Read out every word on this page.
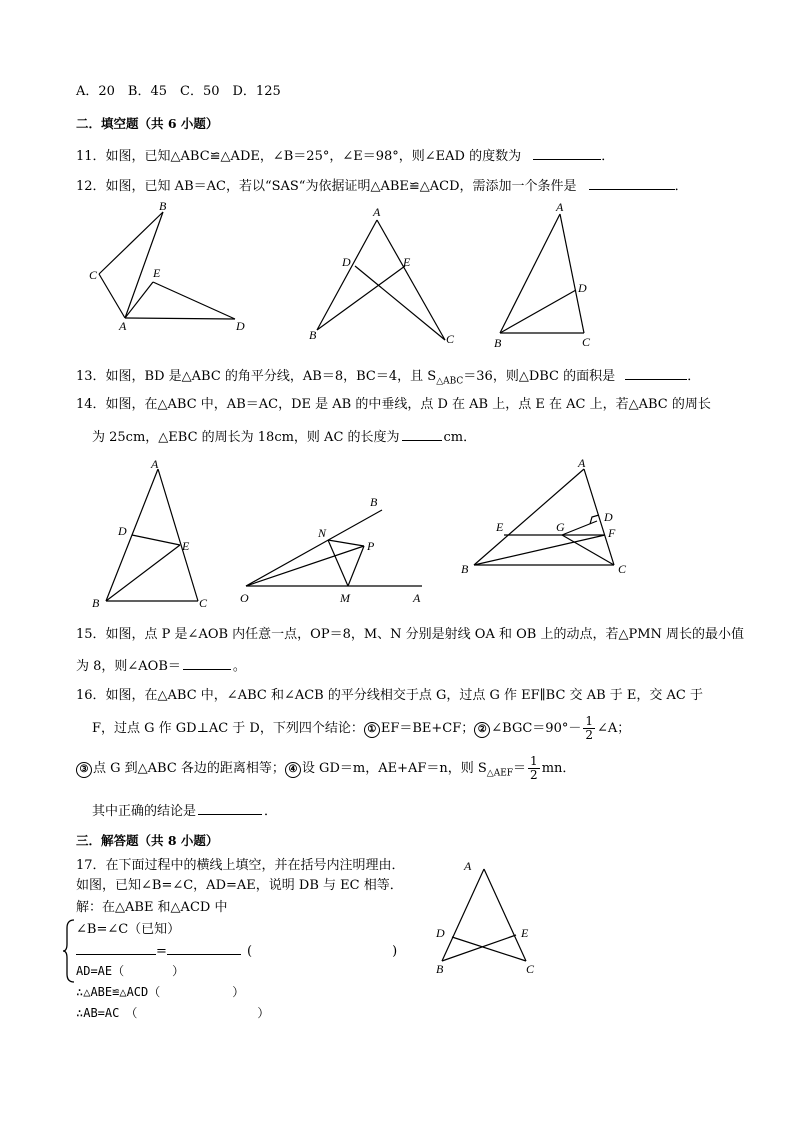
A．20　B．45　C．50　D．125
二．填空题（共 6 小题）
11．如图，已知△ABC≌△ADE，∠B＝25°，∠E＝98°，则∠EAD 的度数为	．
12．如图，已知 AB＝AC，若以“SAS“为依据证明△ABE≌△ACD，需添加一个条件是	．
B
C	E
A	D
A
D	E
B	C
A
D
B	C
13．如图，BD 是△ABC 的角平分线，AB＝8，BC＝4，且 $S_{\triangle ABC}=36$，则△DBC 的面积是	．
14．如图，在△ABC 中，AB＝AC，DE 是 AB 的中垂线，点 D 在 AB 上，点 E 在 AC 上，若△ABC 的周长
为 25cm，△EBC 的周长为 18cm，则 AC 的长度为	cm．
A
D
E
B	C
B
N
P
O	M	A
A
D
E	G	F
B	C
15．如图，点 P 是∠AOB 内任意一点，OP＝8，M、N 分别是射线 OA 和 OB 上的动点，若△PMN 周长的最小值
为 8，则∠AOB＝	。
16．如图，在△ABC 中，∠ABC 和∠ACB 的平分线相交于点 G，过点 G 作 EF∥BC 交 AB 于 E，交 AC 于
F，过点 G 作 GD⊥AC 于 D，下列四个结论： ① EF＝BE+CF； ② ∠BGC＝90°－ $\frac{1}{2}$ ∠A；
③ 点 G 到△ABC 各边的距离相等； ④ 设 GD＝m，AE+AF＝n，则 $S_{\triangle AEF}= \frac{1}{2}$ mn．
其中正确的结论是	．
三．解答题（共 8 小题）
17．在下面过程中的横线上填空，并在括号内注明理由．
如图，已知∠B=∠C，AD=AE，说明 DB 与 EC 相等．
解：在△ABE 和△ACD 中
∠B=∠C（已知）
=	(	)
AD=AE（　　　　）
∴△ABE≌△ACD（　　　　　　）
∴AB=AC　（　　　　　　　　　　）
A
D	E
B	C
